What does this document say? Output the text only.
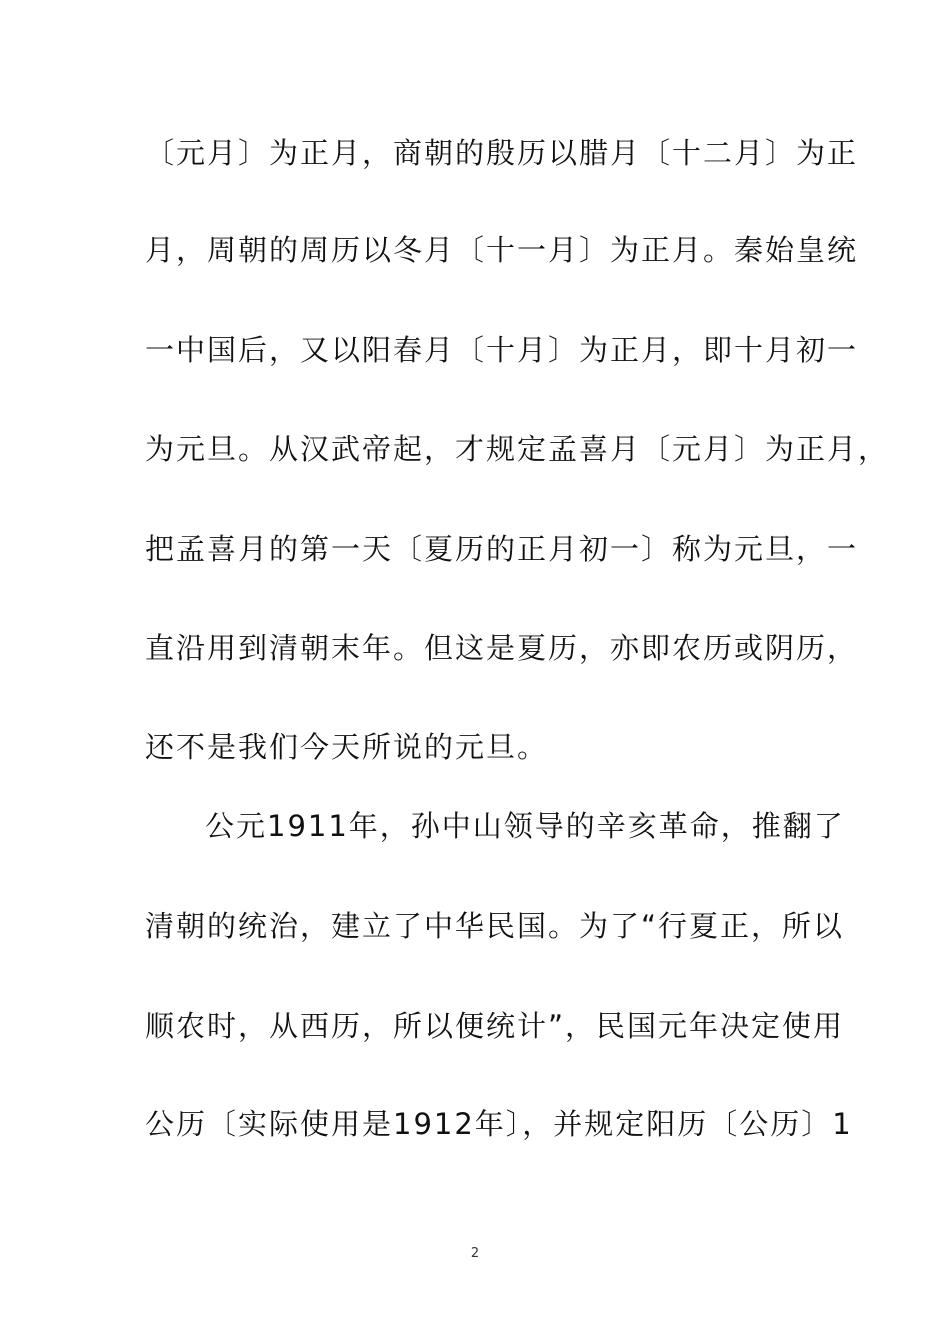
〔元月〕为正月，商朝的殷历以腊月〔十二月〕为正
月，周朝的周历以冬月〔十一月〕为正月。秦始皇统
一中国后，又以阳春月〔十月〕为正月，即十月初一
为元旦。从汉武帝起，才规定孟喜月〔元月〕为正月，
把孟喜月的第一天〔夏历的正月初一〕称为元旦，一
直沿用到清朝末年。但这是夏历，亦即农历或阴历，
还不是我们今天所说的元旦。
公元1911年，孙中山领导的辛亥革命，推翻了
清朝的统治，建立了中华民国。为了“行夏正，所以
顺农时，从西历，所以便统计”，民国元年决定使用
公历〔实际使用是1912年〕，并规定阳历〔公历〕1
2
